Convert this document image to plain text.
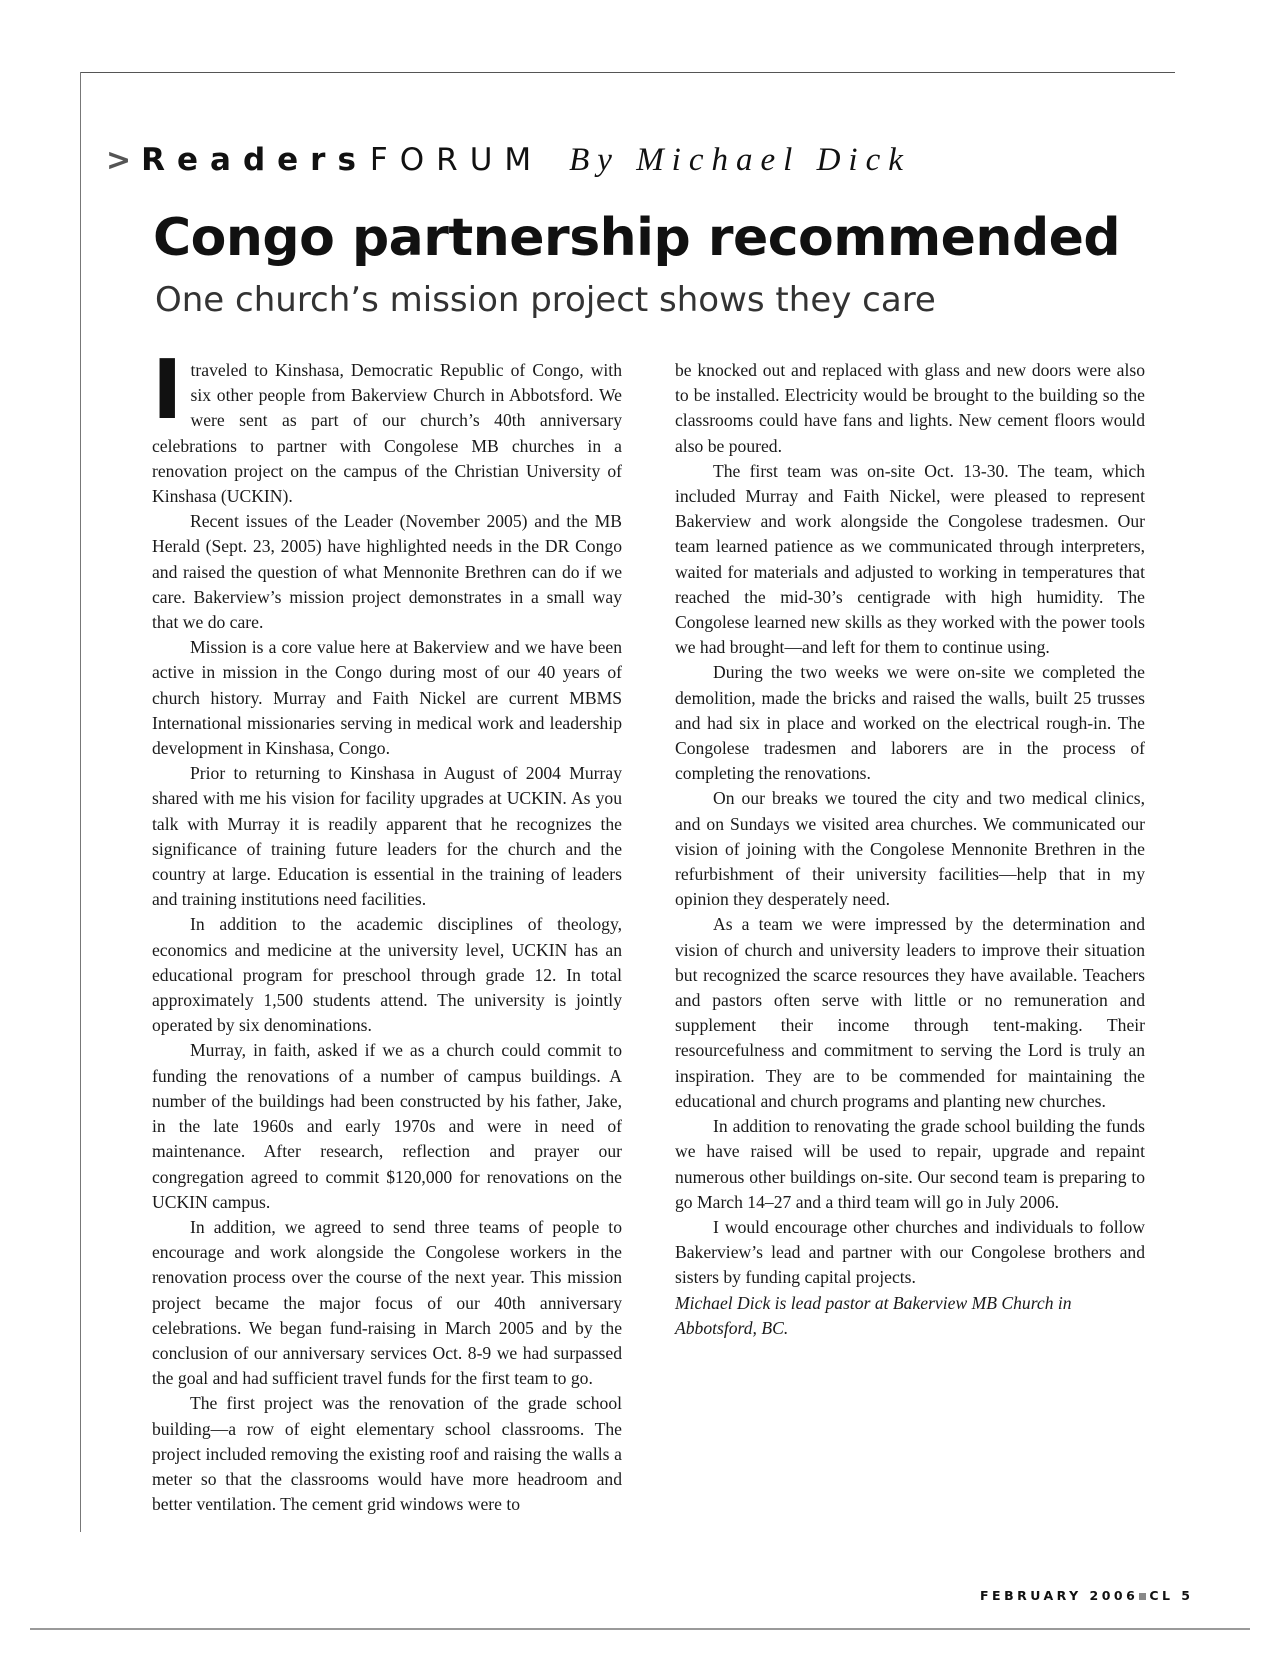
> Readers FORUM By Michael Dick
Congo partnership recommended
One church’s mission project shows they care

Itraveled to Kinshasa, Democratic Republic of Congo, with six other people from Bakerview Church in Abbotsford. We were sent as part of our church’s 40th anniversary celebrations to partner with Congolese MB churches in a renovation project on the campus of the Christian University of Kinshasa (UCKIN).

Recent issues of the Leader (November 2005) and the MB Herald (Sept. 23, 2005) have highlighted needs in the DR Congo and raised the question of what Mennonite Brethren can do if we care. Bakerview’s mission project demonstrates in a small way that we do care.

Mission is a core value here at Bakerview and we have been active in mission in the Congo during most of our 40 years of church history. Murray and Faith Nickel are current MBMS International missionaries serving in medical work and leadership development in Kinshasa, Congo.

Prior to returning to Kinshasa in August of 2004 Murray shared with me his vision for facility upgrades at UCKIN. As you talk with Murray it is readily apparent that he recognizes the significance of training future leaders for the church and the country at large. Education is essential in the training of leaders and training institutions need facilities.

In addition to the academic disciplines of theology, economics and medicine at the university level, UCKIN has an educational program for preschool through grade 12. In total approximately 1,500 students attend. The university is jointly operated by six denominations.

Murray, in faith, asked if we as a church could commit to funding the renovations of a number of campus buildings. A number of the buildings had been constructed by his father, Jake, in the late 1960s and early 1970s and were in need of maintenance. After research, reflection and prayer our congregation agreed to commit $120,000 for renovations on the UCKIN campus.

In addition, we agreed to send three teams of people to encourage and work alongside the Congolese workers in the renovation process over the course of the next year. This mission project became the major focus of our 40th anniversary celebrations. We began fund-raising in March 2005 and by the conclusion of our anniversary services Oct. 8-9 we had surpassed the goal and had sufficient travel funds for the first team to go.

The first project was the renovation of the grade school building—a row of eight elementary school classrooms. The project included removing the existing roof and raising the walls a meter so that the classrooms would have more headroom and better ventilation. The cement grid windows were to

be knocked out and replaced with glass and new doors were also to be installed. Electricity would be brought to the building so the classrooms could have fans and lights. New cement floors would also be poured.

The first team was on-site Oct. 13-30. The team, which included Murray and Faith Nickel, were pleased to represent Bakerview and work alongside the Congolese tradesmen. Our team learned patience as we communicated through interpreters, waited for materials and adjusted to working in temperatures that reached the mid-30’s centigrade with high humidity. The Congolese learned new skills as they worked with the power tools we had brought—and left for them to continue using.

During the two weeks we were on-site we completed the demolition, made the bricks and raised the walls, built 25 trusses and had six in place and worked on the electrical rough-in. The Congolese tradesmen and laborers are in the process of completing the renovations.

On our breaks we toured the city and two medical clinics, and on Sundays we visited area churches. We communicated our vision of joining with the Congolese Mennonite Brethren in the refurbishment of their university facilities—help that in my opinion they desperately need.

As a team we were impressed by the determination and vision of church and university leaders to improve their situation but recognized the scarce resources they have available. Teachers and pastors often serve with little or no remuneration and supplement their income through tent-making. Their resourcefulness and commitment to serving the Lord is truly an inspiration. They are to be commended for maintaining the educational and church programs and planting new churches.

In addition to renovating the grade school building the funds we have raised will be used to repair, upgrade and repaint numerous other buildings on-site. Our second team is preparing to go March 14–27 and a third team will go in July 2006.

I would encourage other churches and individuals to follow Bakerview’s lead and partner with our Congolese brothers and sisters by funding capital projects.

Michael Dick is lead pastor at Bakerview MB Church in Abbotsford, BC.

FEBRUARY 2006 CL 5
